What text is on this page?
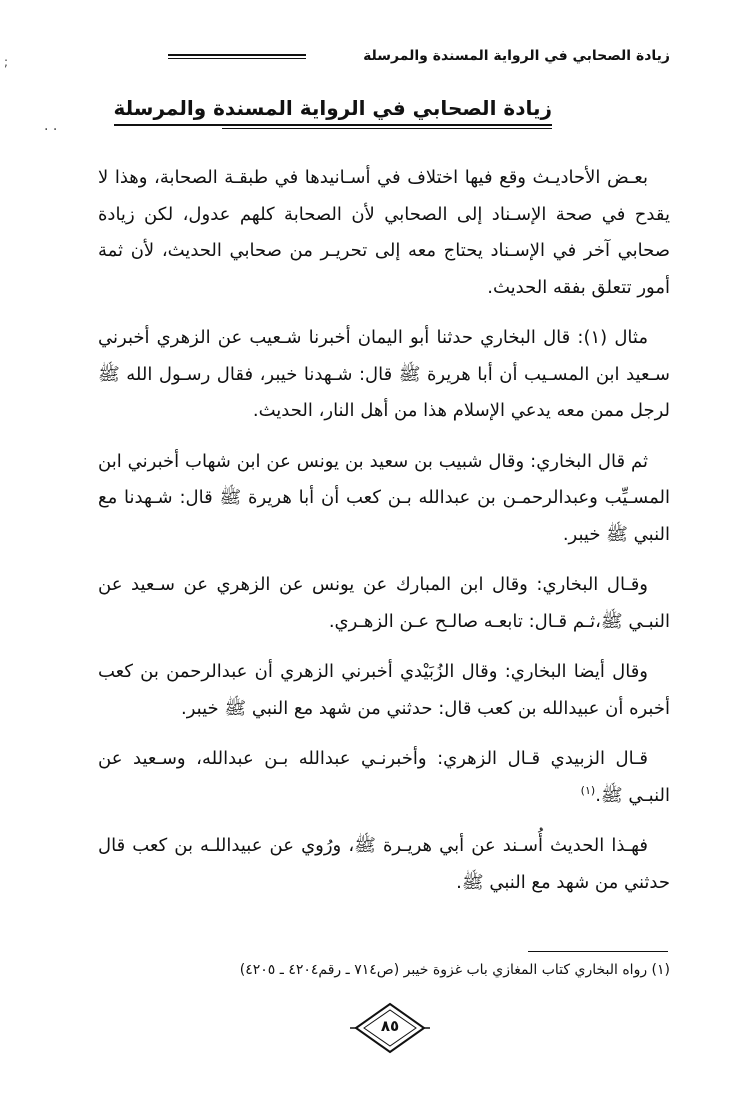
;
· ·
زيادة الصحابي في الرواية المسندة والمرسلة
زيادة الصحابي في الرواية المسندة والمرسلة

بعـض الأحاديـث وقع فيها اختلاف في أسـانيدها في طبقـة الصحابة، وهذا لا يقدح في صحة الإسـناد إلى الصحابي لأن الصحابة كلهم عدول، لكن زيادة صحابي آخر في الإسـناد يحتاج معه إلى تحريـر من صحابي الحديث، لأن ثمة أمور تتعلق بفقه الحديث.

مثال (١): قال البخاري حدثنا أبو اليمان أخبرنا شـعيب عن الزهري أخبرني سـعيد ابن المسـيب أن أبا هريرة ﷺ قال: شـهدنا خيبر، فقال رسـول الله ﷺ لرجل ممن معه يدعي الإسلام هذا من أهل النار، الحديث.

ثم قال البخاري: وقال شبيب بن سعيد بن يونس عن ابن شهاب أخبرني ابن المسـيِّب وعبدالرحمـن بن عبدالله بـن كعب أن أبا هريرة ﷺ قال: شـهدنا مع النبي ﷺ خيبر.

وقـال البخاري: وقال ابن المبارك عن يونس عن الزهري عن سـعيد عن النبـي ﷺ،ثـم قـال: تابعـه صالـح عـن الزهـري.

وقال أيضا البخاري: وقال الزُبَيْدي أخبرني الزهري أن عبدالرحمن بن كعب أخبره أن عبيدالله بن كعب قال: حدثني من شهد مع النبي ﷺ خيبر.

قـال الزبيدي قـال الزهري: وأخبرنـي عبدالله بـن عبدالله، وسـعيد عن النبـي ﷺ.$^{(١)}$

فهـذا الحديث أُسـند عن أبي هريـرة ﷺ، ورُوي عن عبيداللـه بن كعب قال حدثني من شهد مع النبي ﷺ.

(١) رواه البخاري كتاب المغازي باب غزوة خيبر (ص٧١٤ ـ رقم٤٢٠٤ ـ ٤٢٠٥)
٨٥
